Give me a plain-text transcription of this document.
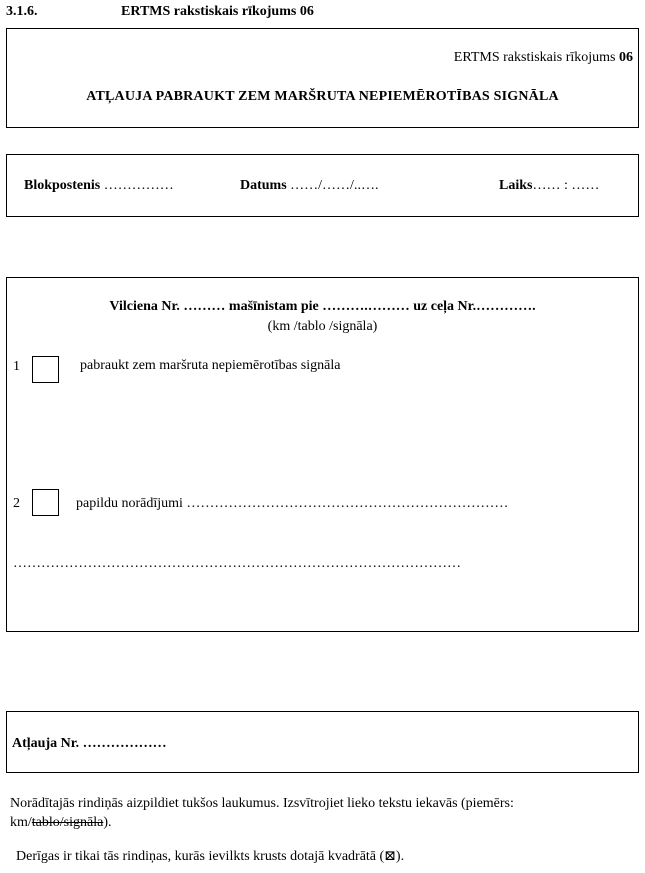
3.1.6.	ERTMS rakstiskais rīkojums 06
ERTMS rakstiskais rīkojums 06
ATĻAUJA PABRAUKT ZEM MARŠRUTA NEPIEMĒROTĪBAS SIGNĀLA
Blokpostenis ……………	Datums ……/……/..….	Laiks…… : ……
Vilciena Nr. ……… mašīnistam pie ……….……… uz ceļa Nr.………….
(km /tablo /signāla)
1	pabraukt zem maršruta nepiemērotības signāla
2	papildu norādījumi ……………………………………………………………
……………………………………………………………………………………
Atļauja Nr. ………………
Norādītajās rindiņās aizpildiet tukšos laukumus. Izsvītrojiet lieko tekstu iekavās (piemērs:
km/tablo/signāla).
Derīgas ir tikai tās rindiņas, kurās ievilkts krusts dotajā kvadrātā (⊠).
